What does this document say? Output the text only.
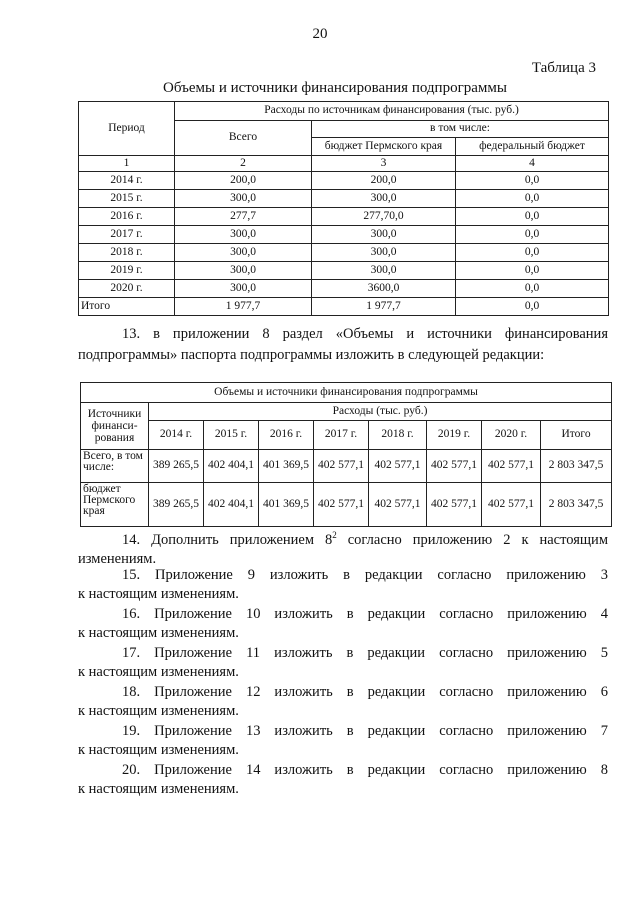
20
Таблица 3
Объемы и источники финансирования подпрограммы
Период	Расходы по источникам финансирования (тыс. руб.)		
	Всего	в том числе:	
		бюджет Пермского края	федеральный бюджет
1	2	3	4
2014 г.	200,0	200,0	0,0
2015 г.	300,0	300,0	0,0
2016 г.	277,7	277,70,0	0,0
2017 г.	300,0	300,0	0,0
2018 г.	300,0	300,0	0,0
2019 г.	300,0	300,0	0,0
2020 г.	300,0	3600,0	0,0
Итого	1 977,7	1 977,7	0,0
13. в приложении 8 раздел «Объемы и источники финансирования
подпрограммы» паспорта подпрограммы изложить в следующей редакции:
Объемы и источники финансирования подпрограммы								
Источники финанси-рования	Расходы (тыс. руб.)							
	2014 г.	2015 г.	2016 г.	2017 г.	2018 г.	2019 г.	2020 г.	Итого
Всего, в том числе:	389 265,5	402 404,1	401 369,5	402 577,1	402 577,1	402 577,1	402 577,1	2 803 347,5
бюджет Пермского края	389 265,5	402 404,1	401 369,5	402 577,1	402 577,1	402 577,1	402 577,1	2 803 347,5
14. Дополнить приложением $8^2$ согласно приложению 2 к настоящим
изменениям.
15. Приложение 9 изложить в редакции согласно приложению 3
к настоящим изменениям.
16. Приложение 10 изложить в редакции согласно приложению 4
к настоящим изменениям.
17. Приложение 11 изложить в редакции согласно приложению 5
к настоящим изменениям.
18. Приложение 12 изложить в редакции согласно приложению 6
к настоящим изменениям.
19. Приложение 13 изложить в редакции согласно приложению 7
к настоящим изменениям.
20. Приложение 14 изложить в редакции согласно приложению 8
к настоящим изменениям.
